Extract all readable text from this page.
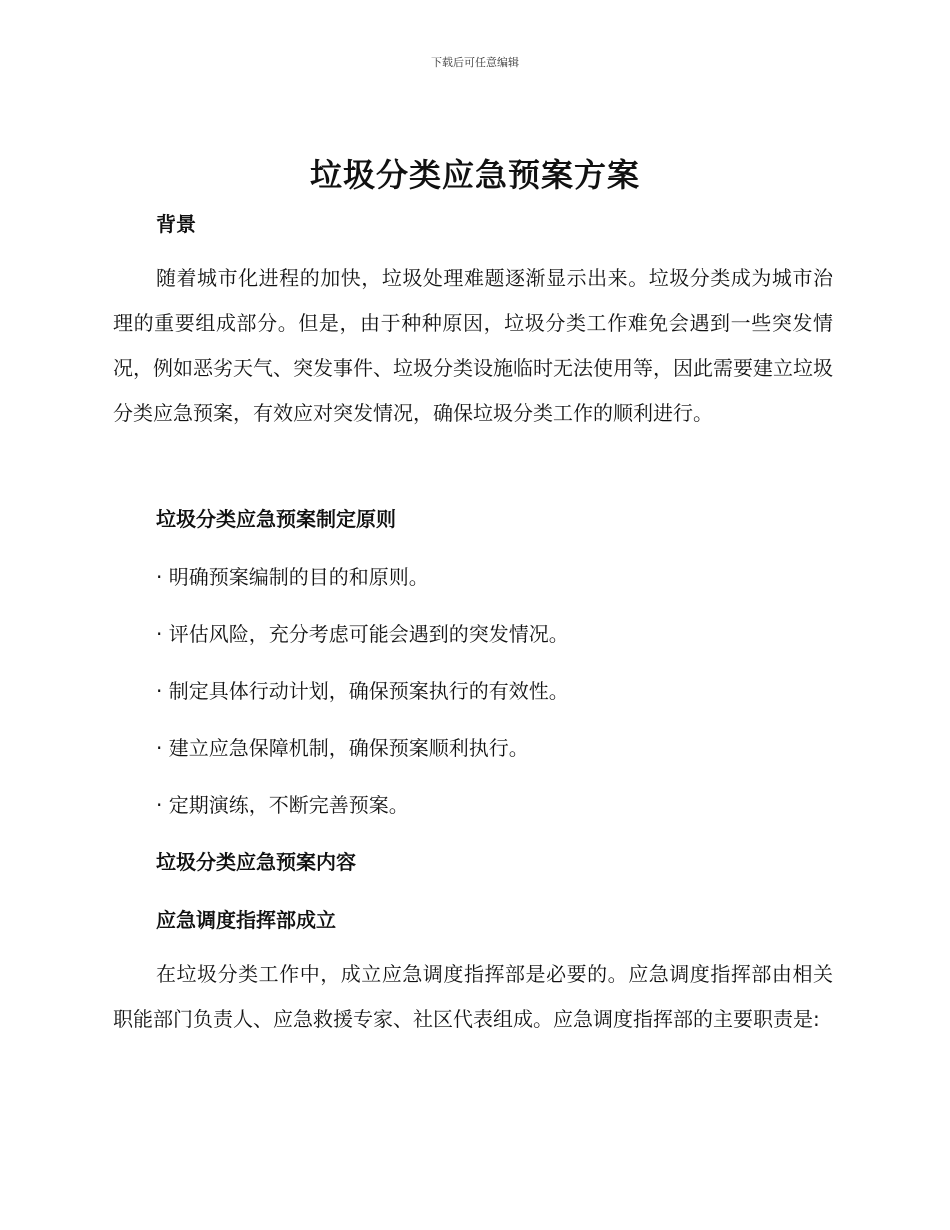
下载后可任意编辑
垃圾分类应急预案方案
背景

随着城市化进程的加快，垃圾处理难题逐渐显示出来。垃圾分类成为城市治理的重要组成部分。但是，由于种种原因，垃圾分类工作难免会遇到一些突发情况，例如恶劣天气、突发事件、垃圾分类设施临时无法使用等，因此需要建立垃圾分类应急预案，有效应对突发情况，确保垃圾分类工作的顺利进行。

垃圾分类应急预案制定原则

· 明确预案编制的目的和原则。

· 评估风险，充分考虑可能会遇到的突发情况。

· 制定具体行动计划，确保预案执行的有效性。

· 建立应急保障机制，确保预案顺利执行。

· 定期演练，不断完善预案。

垃圾分类应急预案内容
应急调度指挥部成立

在垃圾分类工作中，成立应急调度指挥部是必要的。应急调度指挥部由相关职能部门负责人、应急救援专家、社区代表组成。应急调度指挥部的主要职责是:
